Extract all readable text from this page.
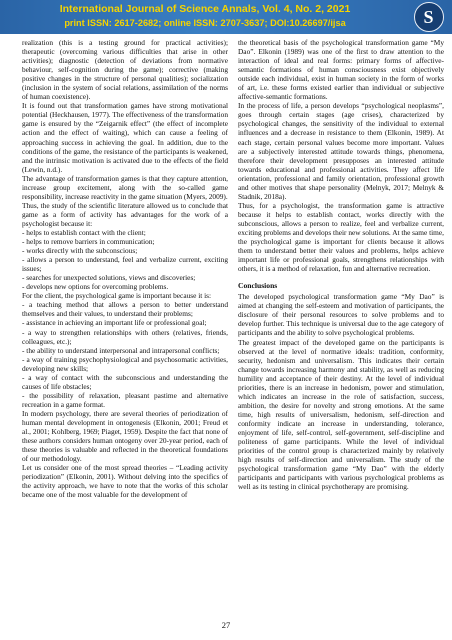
International Journal of Science Annals, Vol. 4, No. 2, 2021
print ISSN: 2617-2682; online ISSN: 2707-3637; DOI:10.26697/ijsa	S

realization (this is a testing ground for practical activities); therapeutic (overcoming various difficulties that arise in other activities); diagnostic (detection of deviations from normative behaviour, self-cognition during the game); corrective (making positive changes in the structure of personal qualities); socialization (inclusion in the system of social relations, assimilation of the norms of human coexistence).

It is found out that transformation games have strong motivational potential (Heckhausen, 1977). The effectiveness of the transformation game is ensured by the “Zeigarnik effect” (the effect of incomplete action and the effect of waiting), which can cause a feeling of approaching success in achieving the goal. In addition, due to the conditions of the game, the resistance of the participants is weakened, and the intrinsic motivation is activated due to the effects of the field (Lewin, n.d.).

The advantage of transformation games is that they capture attention, increase group excitement, along with the so-called game responsibility, increase reactivity in the game situation (Myers, 2009).

Thus, the study of the scientific literature allowed us to conclude that game as a form of activity has advantages for the work of a psychologist because it:

- helps to establish contact with the client;

- helps to remove barriers in communication;

- works directly with the subconscious;

- allows a person to understand, feel and verbalize current, exciting issues;

- searches for unexpected solutions, views and discoveries;

- develops new options for overcoming problems.

For the client, the psychological game is important because it is:

- a teaching method that allows a person to better understand themselves and their values, to understand their problems;

- assistance in achieving an important life or professional goal;

- a way to strengthen relationships with others (relatives, friends, colleagues, etc.);

- the ability to understand interpersonal and intrapersonal conflicts;

- a way of training psychophysiological and psychosomatic activities, developing new skills;

- a way of contact with the subconscious and understanding the causes of life obstacles;

- the possibility of relaxation, pleasant pastime and alternative recreation in a game format.

In modern psychology, there are several theories of periodization of human mental development in ontogenesis (Elkonin, 2001; Freud et al., 2001; Kohlberg, 1969; Piaget, 1959). Despite the fact that none of these authors considers human ontogeny over 20-year period, each of these theories is valuable and reflected in the theoretical foundations of our methodology.

Let us consider one of the most spread theories – “Leading activity periodization” (Elkonin, 2001). Without delving into the specifics of the activity approach, we have to note that the works of this scholar became one of the most valuable for the development of

the theoretical basis of the psychological transformation game “My Dao”. Elkonin (1989) was one of the first to draw attention to the interaction of ideal and real forms: primary forms of affective-semantic formations of human consciousness exist objectively outside each individual, exist in human society in the form of works of art, i.e. these forms existed earlier than individual or subjective affective-semantic formations.

In the process of life, a person develops “psychological neoplasms”, goes through certain stages (age crises), characterized by psychological changes, the sensitivity of the individual to external influences and a decrease in resistance to them (Elkonin, 1989). At each stage, certain personal values become more important. Values are a subjectively interested attitude towards things, phenomena, therefore their development presupposes an interested attitude towards educational and professional activities. They affect life orientation, professional and family orientation, professional growth and other motives that shape personality (Melnyk, 2017; Melnyk & Stadnik, 2018a).

Thus, for a psychologist, the transformation game is attractive because it helps to establish contact, works directly with the subconscious, allows a person to realize, feel and verbalize current, exciting problems and develops their new solutions. At the same time, the psychological game is important for clients because it allows them to understand better their values and problems, helps achieve important life or professional goals, strengthens relationships with others, it is a method of relaxation, fun and alternative recreation.

Conclusions

The developed psychological transformation game “My Dao” is aimed at changing the self-esteem and motivation of participants, the disclosure of their personal resources to solve problems and to develop further. This technique is universal due to the age category of participants and the ability to solve psychological problems.

The greatest impact of the developed game on the participants is observed at the level of normative ideals: tradition, conformity, security, hedonism and universalism. This indicates their certain change towards increasing harmony and stability, as well as reducing humility and acceptance of their destiny. At the level of individual priorities, there is an increase in hedonism, power and stimulation, which indicates an increase in the role of satisfaction, success, ambition, the desire for novelty and strong emotions. At the same time, high results of universalism, hedonism, self-direction and conformity indicate an increase in understanding, tolerance, enjoyment of life, self-control, self-government, self-discipline and politeness of game participants. While the level of individual priorities of the control group is characterized mainly by relatively high results of self-direction and universalism. The study of the psychological transformation game “My Dao” with the elderly participants and participants with various psychological problems as well as its testing in clinical psychotherapy are promising.

27
